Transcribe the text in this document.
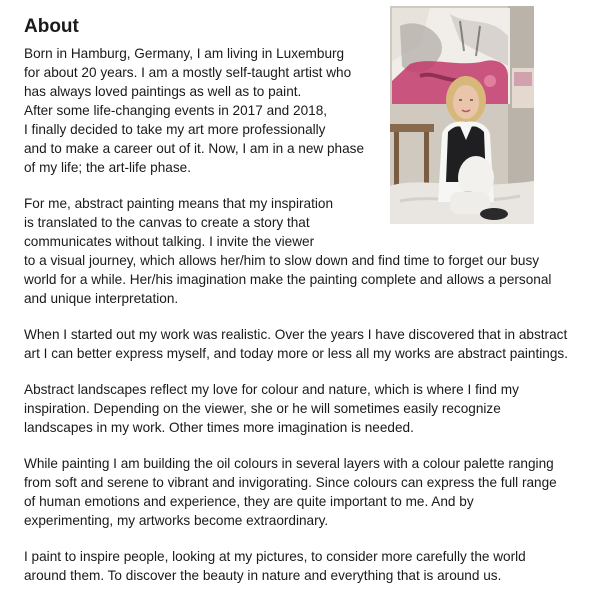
About
Born in Hamburg, Germany, I am living in Luxemburg
for about 20 years. I am a mostly self-taught artist who
has always loved paintings as well as to paint.
After some life-changing events in 2017 and 2018,
I finally decided to take my art more professionally
and to make a career out of it. Now, I am in a new phase
of my life; the art-life phase.
For me, abstract painting means that my inspiration
is translated to the canvas to create a story that
communicates without talking. I invite the viewer
to a visual journey, which allows her/him to slow down and find time to forget our busy
world for a while. Her/his imagination make the painting complete and allows a personal
and unique interpretation.
When I started out my work was realistic. Over the years I have discovered that in abstract
art I can better express myself, and today more or less all my works are abstract paintings.
Abstract landscapes reflect my love for colour and nature, which is where I find my
inspiration. Depending on the viewer, she or he will sometimes easily recognize
landscapes in my work. Other times more imagination is needed.
While painting I am building the oil colours in several layers with a colour palette ranging
from soft and serene to vibrant and invigorating. Since colours can express the full range
of human emotions and experience, they are quite important to me. And by
experimenting, my artworks become extraordinary.
I paint to inspire people, looking at my pictures, to consider more carefully the world
around them. To discover the beauty in nature and everything that is around us.
